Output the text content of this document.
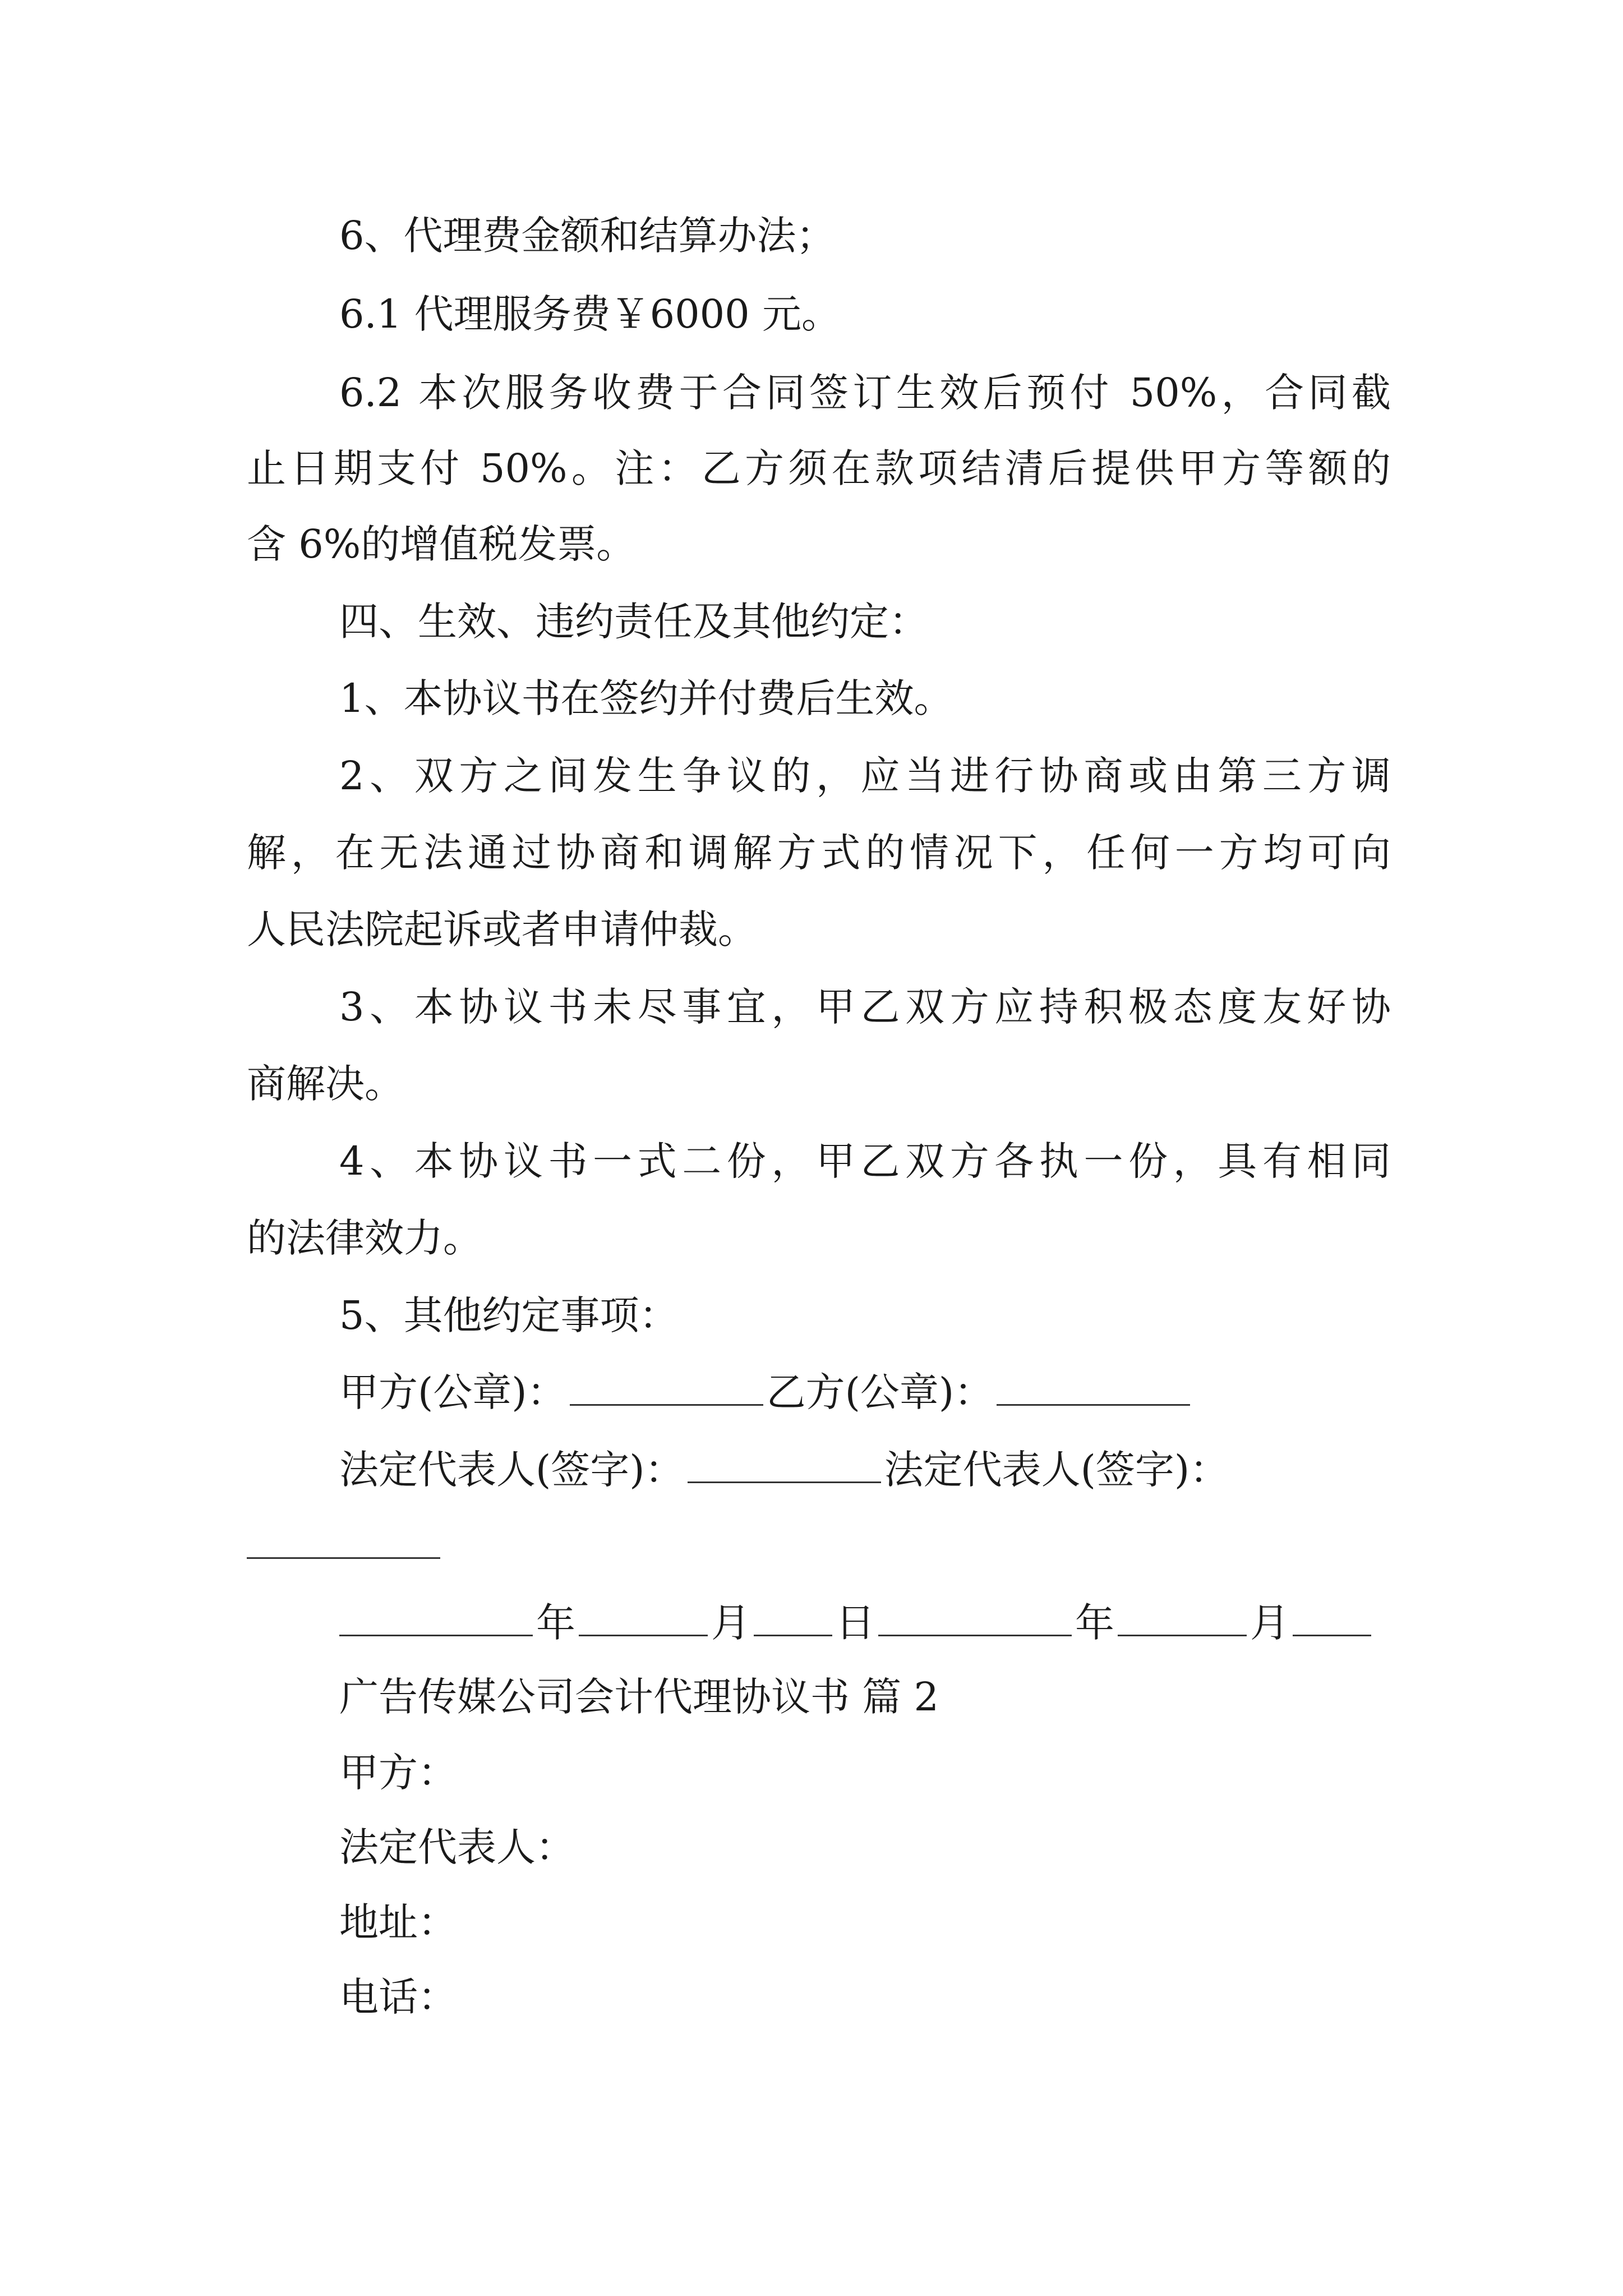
6、代理费金额和结算办法；
6.1 代理服务费￥6000 元。
6.2 本次服务收费于合同签订生效后预付 50%，合同截
止日期支付 50%。注：乙方须在款项结清后提供甲方等额的
含 6%的增值税发票。
四、生效、违约责任及其他约定：
1、本协议书在签约并付费后生效。
2、双方之间发生争议的，应当进行协商或由第三方调
解，在无法通过协商和调解方式的情况下，任何一方均可向
人民法院起诉或者申请仲裁。
3、本协议书未尽事宜，甲乙双方应持积极态度友好协
商解决。
4、本协议书一式二份，甲乙双方各执一份，具有相同
的法律效力。
5、其他约定事项：
甲方(公章)：	乙方(公章)：
法定代表人(签字)：	法定代表人(签字)：
年	月 日	年	月
广告传媒公司会计代理协议书 篇 2
甲方：
法定代表人：
地址：
电话：
